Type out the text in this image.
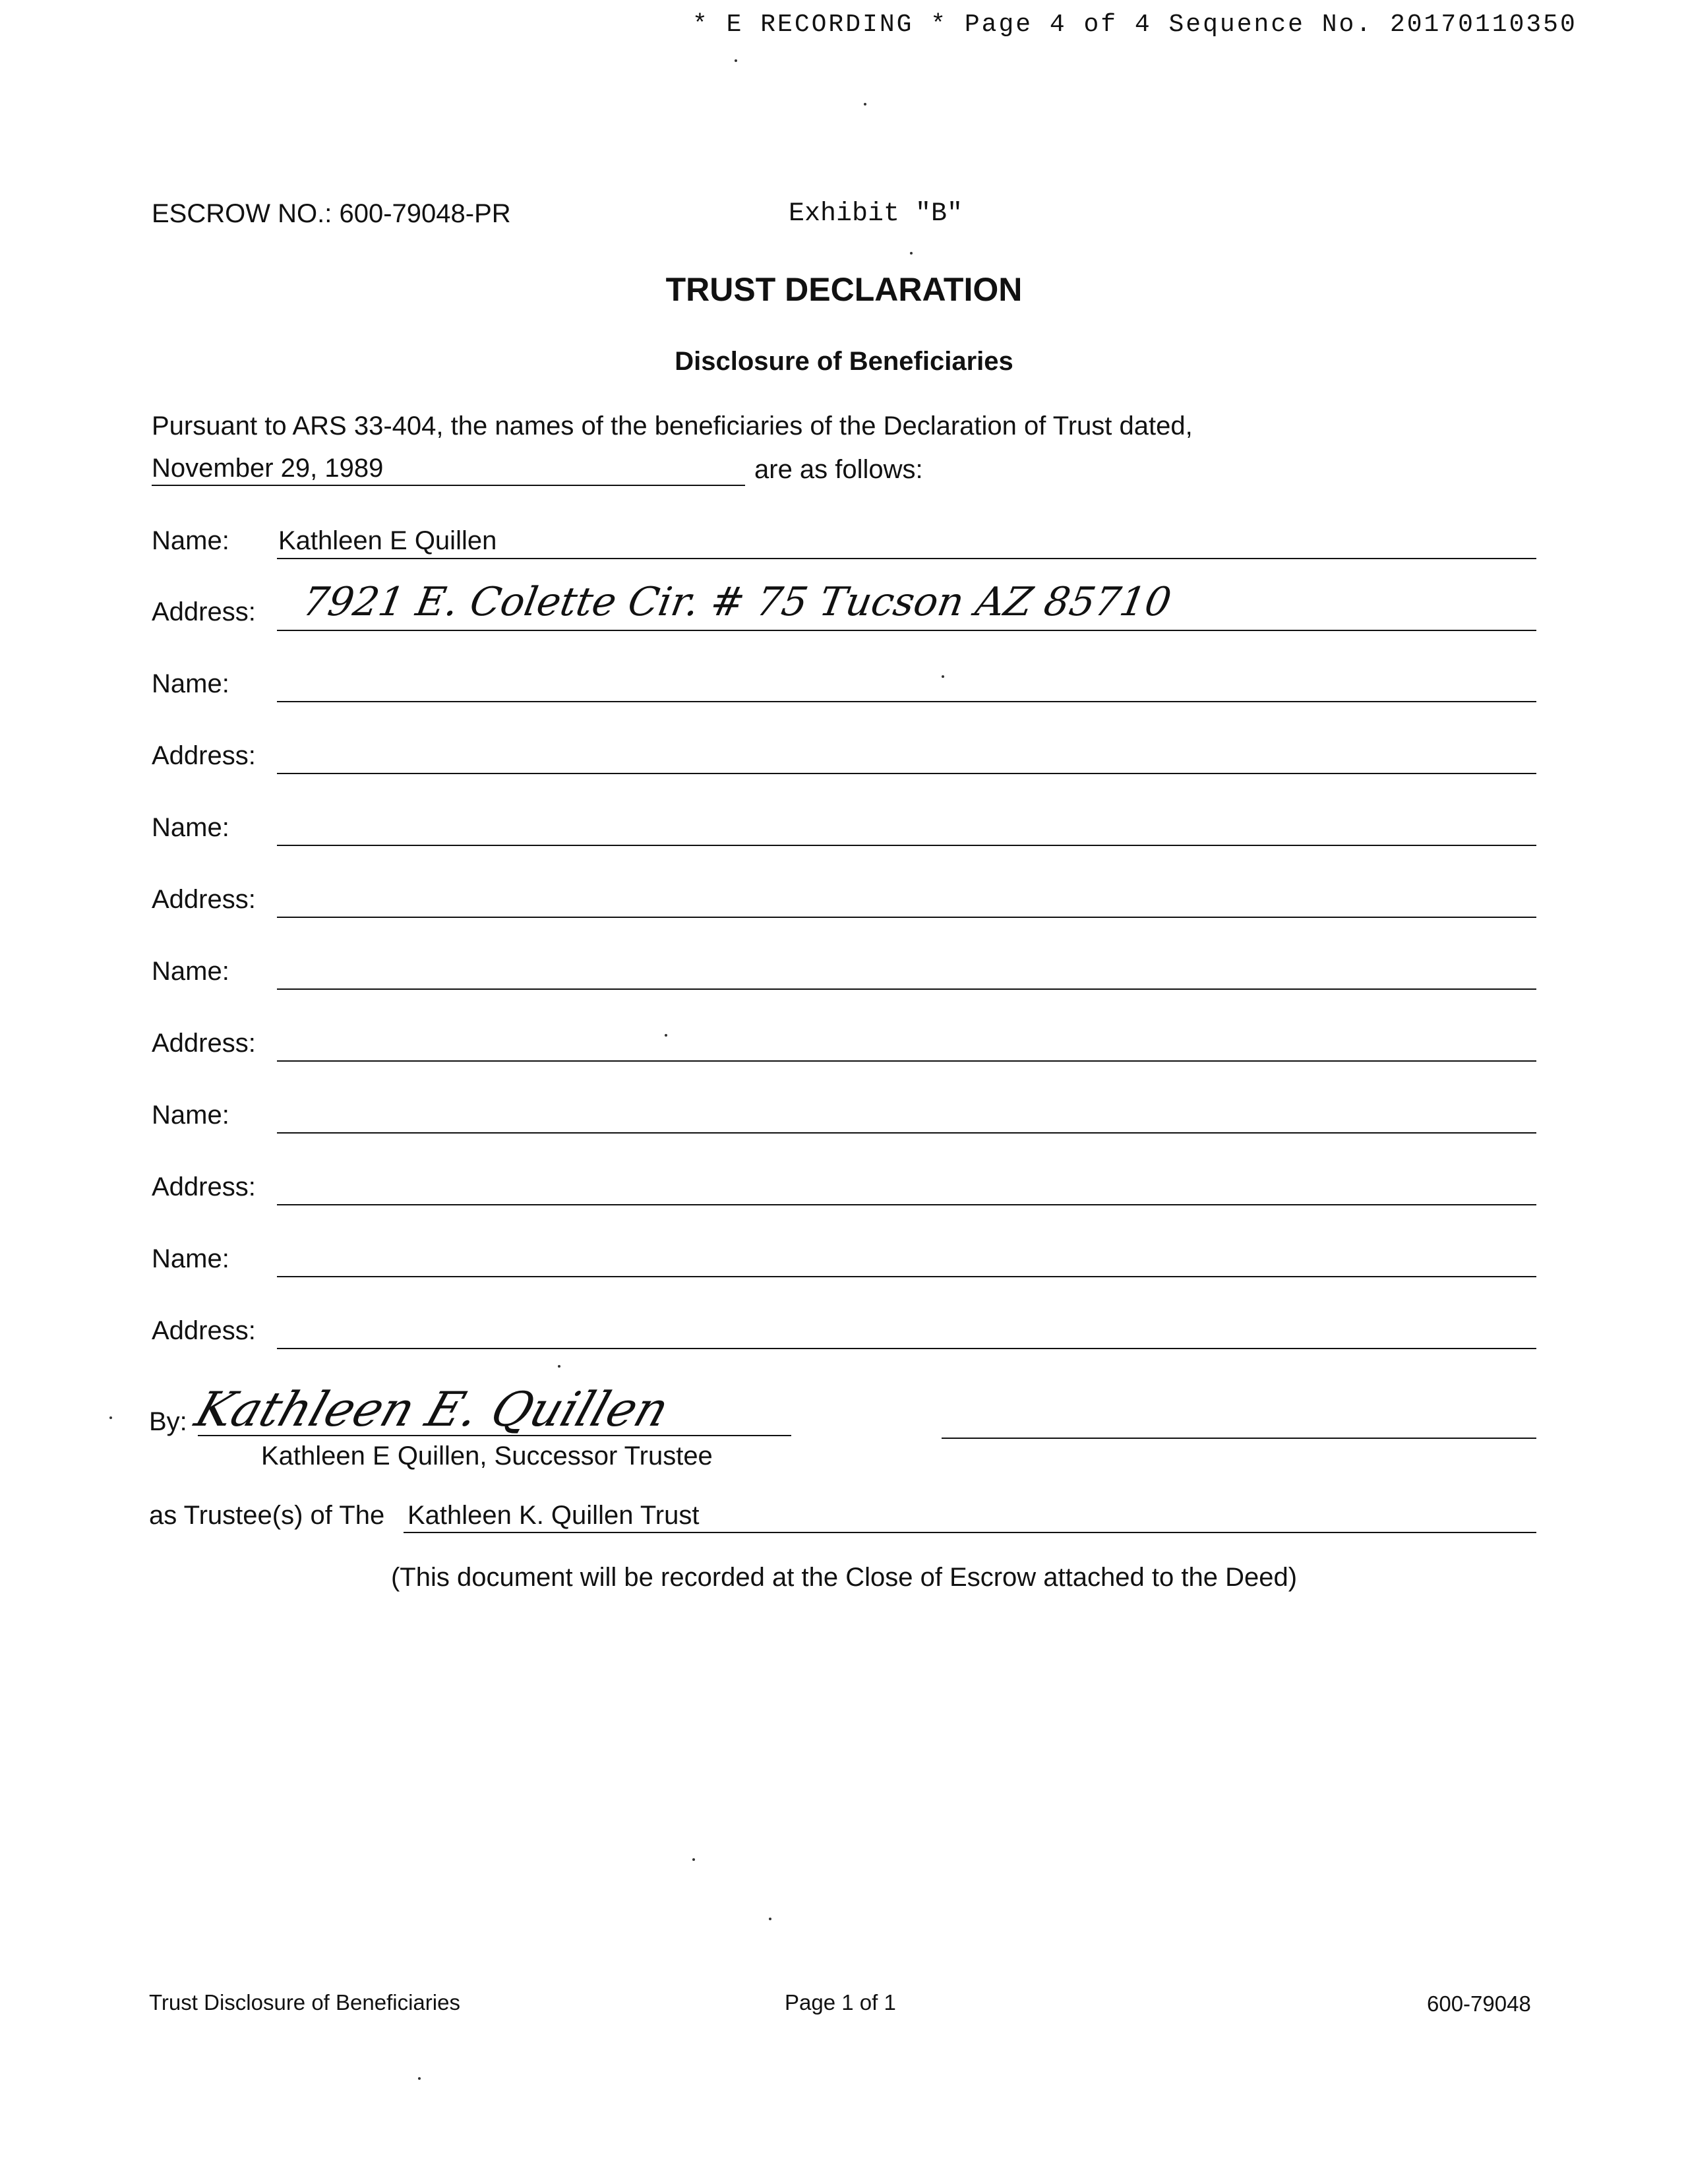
* E RECORDING * Page 4 of 4 Sequence No. 20170110350
ESCROW NO.: 600-79048-PR	Exhibit "B"
TRUST DECLARATION
Disclosure of Beneficiaries
Pursuant to ARS 33-404, the names of the beneficiaries of the Declaration of Trust dated,
November 29, 1989	are as follows:
Name: Kathleen E Quillen
Address: 7921 E. Colette Cir. # 75 Tucson AZ 85710
Name:
Address:
Name:
Address:
Name:
Address:
Name:
Address:
Name:
Address:
By: Kathleen E. Quillen
Kathleen E Quillen, Successor Trustee
as Trustee(s) of The Kathleen K. Quillen Trust
(This document will be recorded at the Close of Escrow attached to the Deed)
Trust Disclosure of Beneficiaries	Page 1 of 1	600-79048
